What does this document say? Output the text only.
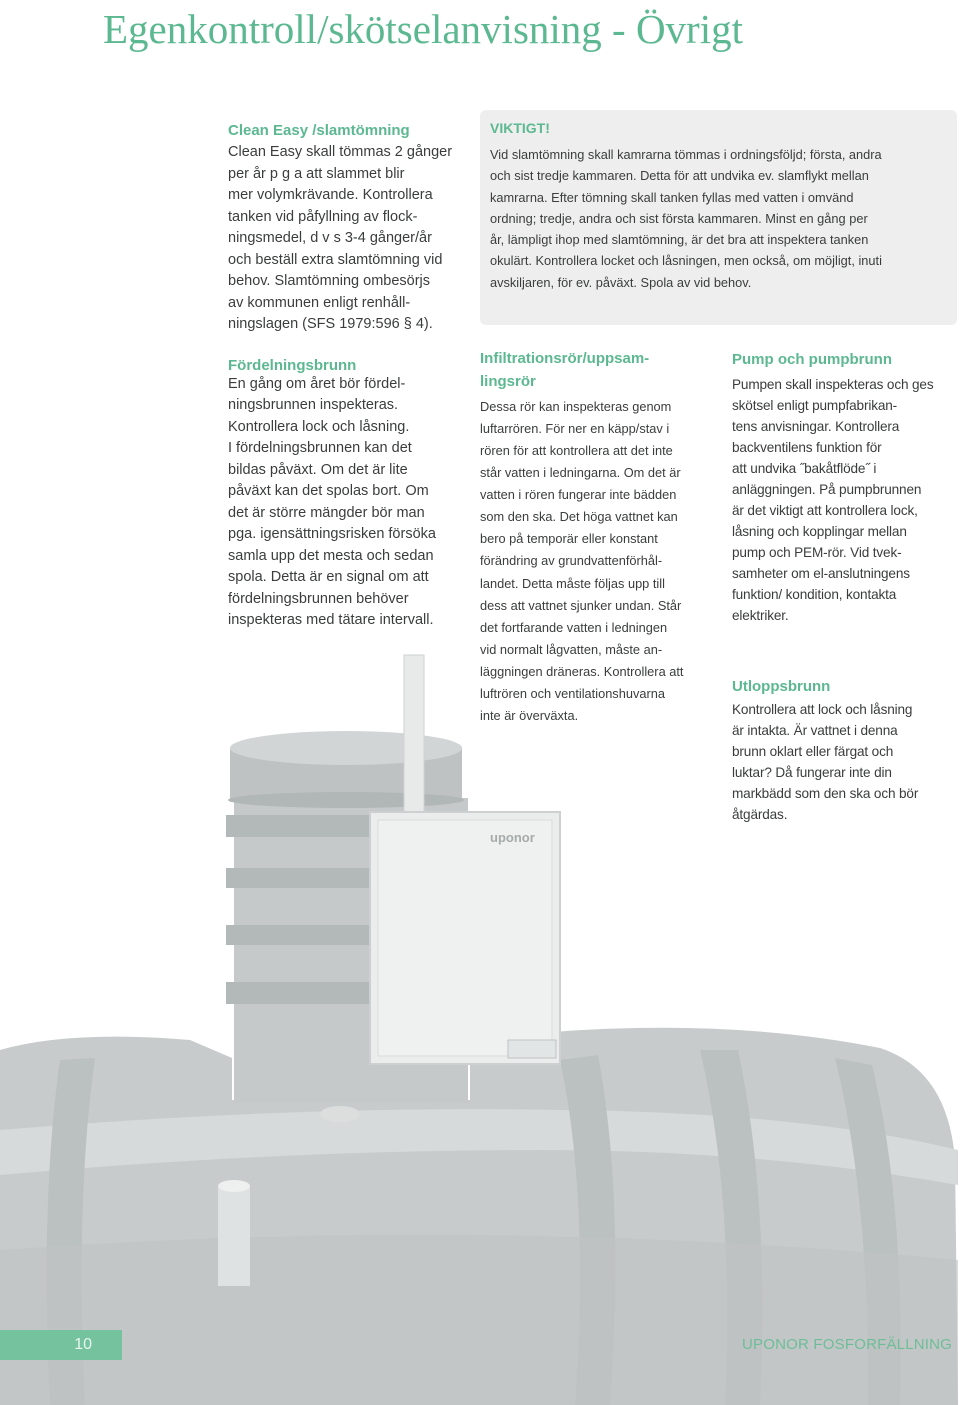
uponor
Egenkontroll/skötselanvisning - Övrigt
Clean Easy /slamtömning
Clean Easy skall tömmas 2 gånger
per år p g a att slammet blir
mer volymkrävande. Kontrollera
tanken vid påfyllning av flock-
ningsmedel, d v s 3-4 gånger/år
och beställ extra slamtömning vid
behov. Slamtömning ombesörjs
av kommunen enligt renhåll-
ningslagen (SFS 1979:596 § 4).
VIKTIGT!
Vid slamtömning skall kamrarna tömmas i ordningsföljd; första, andra
och sist tredje kammaren. Detta för att undvika ev. slamflykt mellan
kamrarna. Efter tömning skall tanken fyllas med vatten i omvänd
ordning; tredje, andra och sist första kammaren. Minst en gång per
år, lämpligt ihop med slamtömning, är det bra att inspektera tanken
okulärt. Kontrollera locket och låsningen, men också, om möjligt, inuti
avskiljaren, för ev. påväxt. Spola av vid behov.
Fördelningsbrunn
En gång om året bör fördel-
ningsbrunnen inspekteras.
Kontrollera lock och låsning.
I fördelningsbrunnen kan det
bildas påväxt. Om det är lite
påväxt kan det spolas bort. Om
det är större mängder bör man
pga. igensättningsrisken försöka
samla upp det mesta och sedan
spola. Detta är en signal om att
fördelningsbrunnen behöver
inspekteras med tätare intervall.
Infiltrationsrör/uppsam-
lingsrör
Dessa rör kan inspekteras genom
luftarrören. För ner en käpp/stav i
rören för att kontrollera att det inte
står vatten i ledningarna. Om det är
vatten i rören fungerar inte bädden
som den ska. Det höga vattnet kan
bero på temporär eller konstant
förändring av grundvattenförhål-
landet. Detta måste följas upp till
dess att vattnet sjunker undan. Står
det fortfarande vatten i ledningen
vid normalt lågvatten, måste an-
läggningen dräneras. Kontrollera att
luftrören och ventilationshuvarna
inte är överväxta.
Pump och pumpbrunn
Pumpen skall inspekteras och ges
skötsel enligt pumpfabrikan-
tens anvisningar. Kontrollera
backventilens funktion för
att undvika ˝bakåtflöde˝ i
anläggningen. På pumpbrunnen
är det viktigt att kontrollera lock,
låsning och kopplingar mellan
pump och PEM-rör. Vid tvek-
samheter om el-anslutningens
funktion/ kondition, kontakta
elektriker.
Utloppsbrunn
Kontrollera att lock och låsning
är intakta. Är vattnet i denna
brunn oklart eller färgat och
luktar? Då fungerar inte din
markbädd som den ska och bör
åtgärdas.
10	UPONOR FOSFORFÄLLNING
